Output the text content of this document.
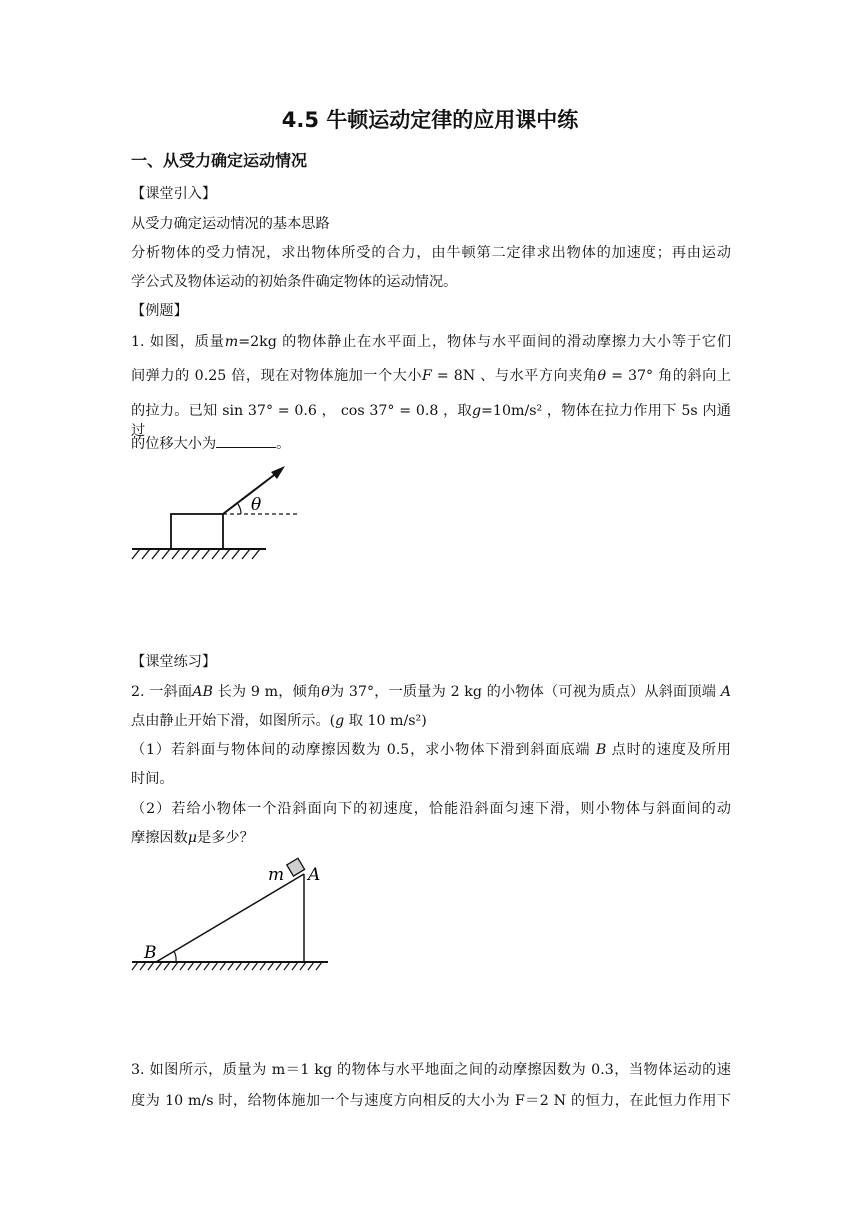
4.5 牛顿运动定律的应用课中练
一、从受力确定运动情况
【课堂引入】
从受力确定运动情况的基本思路
分析物体的受力情况，求出物体所受的合力，由牛顿第二定律求出物体的加速度；再由运动
学公式及物体运动的初始条件确定物体的运动情况。
【例题】
1. 如图，质量m=2kg 的物体静止在水平面上，物体与水平面间的滑动摩擦力大小等于它们
间弹力的 0.25 倍，现在对物体施加一个大小F = 8N 、与水平方向夹角θ = 37° 角的斜向上
的拉力。已知 sin 37° = 0.6 ， cos 37° = 0.8 ，取g=10m/s² ，物体在拉力作用下 5s 内通过
的位移大小为	。
θ
【课堂练习】
2. 一斜面AB 长为 9 m，倾角θ为 37°，一质量为 2 kg 的小物体（可视为质点）从斜面顶端 A
点由静止开始下滑，如图所示。(g 取 10 m/s²)
（1）若斜面与物体间的动摩擦因数为 0.5，求小物体下滑到斜面底端 B 点时的速度及所用
时间。
（2）若给小物体一个沿斜面向下的初速度，恰能沿斜面匀速下滑，则小物体与斜面间的动
摩擦因数μ是多少？
m A
B
3. 如图所示，质量为 m＝1 kg 的物体与水平地面之间的动摩擦因数为 0.3，当物体运动的速
度为 10 m/s 时，给物体施加一个与速度方向相反的大小为 F＝2 N 的恒力，在此恒力作用下
